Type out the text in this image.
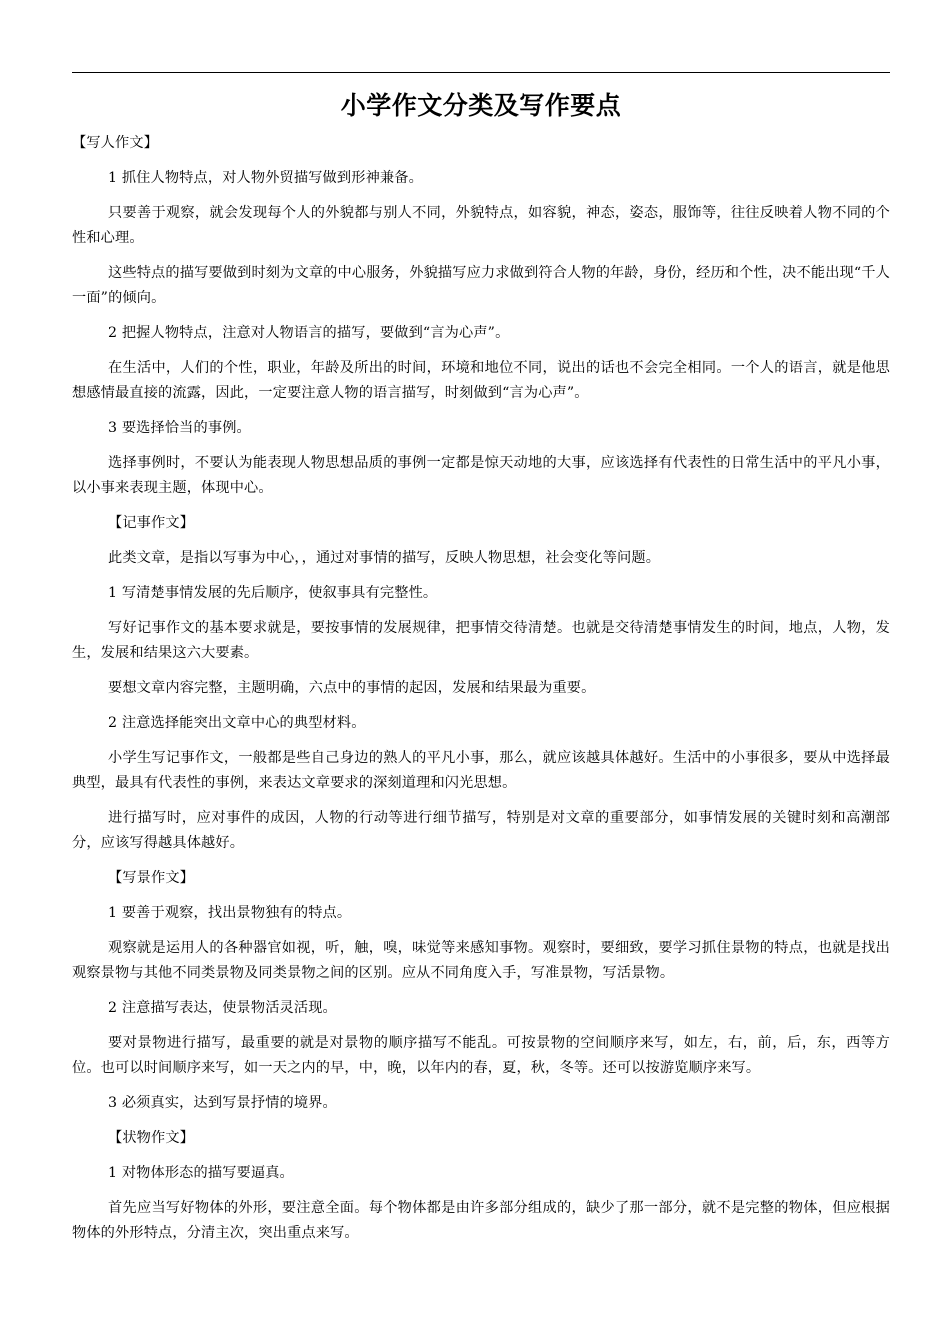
小学作文分类及写作要点

【写人作文】

1 抓住人物特点，对人物外贸描写做到形神兼备。

只要善于观察，就会发现每个人的外貌都与别人不同，外貌特点，如容貌，神态，姿态，服饰等，往往反映着人物不同的个性和心理。

这些特点的描写要做到时刻为文章的中心服务，外貌描写应力求做到符合人物的年龄，身份，经历和个性，决不能出现“千人一面”的倾向。

2 把握人物特点，注意对人物语言的描写，要做到“言为心声”。

在生活中，人们的个性，职业，年龄及所出的时间，环境和地位不同，说出的话也不会完全相同。一个人的语言，就是他思想感情最直接的流露，因此，一定要注意人物的语言描写，时刻做到“言为心声”。

3 要选择恰当的事例。

选择事例时，不要认为能表现人物思想品质的事例一定都是惊天动地的大事，应该选择有代表性的日常生活中的平凡小事，以小事来表现主题，体现中心。

【记事作文】

此类文章，是指以写事为中心，，通过对事情的描写，反映人物思想，社会变化等问题。

1 写清楚事情发展的先后顺序，使叙事具有完整性。

写好记事作文的基本要求就是，要按事情的发展规律，把事情交待清楚。也就是交待清楚事情发生的时间，地点，人物，发生，发展和结果这六大要素。

要想文章内容完整，主题明确，六点中的事情的起因，发展和结果最为重要。

2 注意选择能突出文章中心的典型材料。

小学生写记事作文，一般都是些自己身边的熟人的平凡小事，那么，就应该越具体越好。生活中的小事很多，要从中选择最典型，最具有代表性的事例，来表达文章要求的深刻道理和闪光思想。

进行描写时，应对事件的成因，人物的行动等进行细节描写，特别是对文章的重要部分，如事情发展的关键时刻和高潮部分，应该写得越具体越好。

【写景作文】

1 要善于观察，找出景物独有的特点。

观察就是运用人的各种器官如视，听，触，嗅，味觉等来感知事物。观察时，要细致，要学习抓住景物的特点，也就是找出观察景物与其他不同类景物及同类景物之间的区别。应从不同角度入手，写准景物，写活景物。

2 注意描写表达，使景物活灵活现。

要对景物进行描写，最重要的就是对景物的顺序描写不能乱。可按景物的空间顺序来写，如左，右，前，后，东，西等方位。也可以时间顺序来写，如一天之内的早，中，晚，以年内的春，夏，秋，冬等。还可以按游览顺序来写。

3 必须真实，达到写景抒情的境界。

【状物作文】

1 对物体形态的描写要逼真。

首先应当写好物体的外形，要注意全面。每个物体都是由许多部分组成的，缺少了那一部分，就不是完整的物体，但应根据物体的外形特点，分清主次，突出重点来写。
